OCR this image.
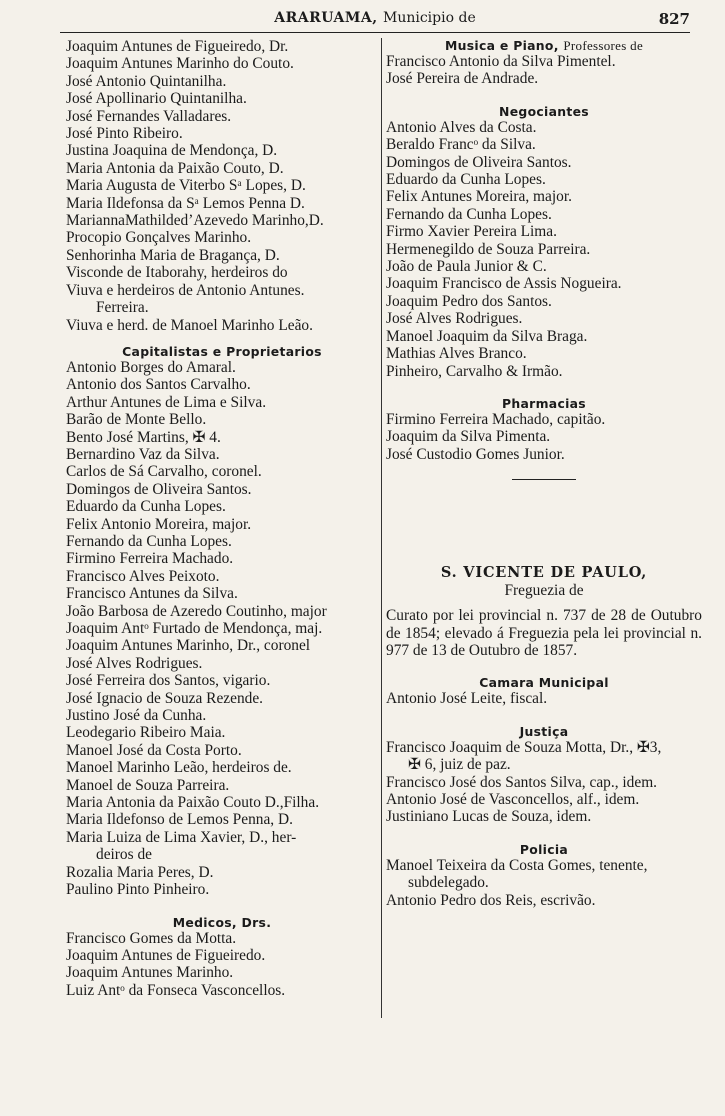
ARARUAMA, Municipio de	827
Joaquim Antunes de Figueiredo, Dr.
Joaquim Antunes Marinho do Couto.
José Antonio Quintanilha.
José Apollinario Quintanilha.
José Fernandes Valladares.
José Pinto Ribeiro.
Justina Joaquina de Mendonça, D.
Maria Antonia da Paixão Couto, D.
Maria Augusta de Viterbo Sᵃ Lopes, D.
Maria Ildefonsa da Sᵃ Lemos Penna D.
MariannaMathildedʼAzevedo Marinho,D.
Procopio Gonçalves Marinho.
Senhorinha Maria de Bragança, D.
Visconde de Itaborahy, herdeiros do
Viuva e herdeiros de Antonio Antunes.
Ferreira.
Viuva e herd. de Manoel Marinho Leão.
Capitalistas e Proprietarios
Antonio Borges do Amaral.
Antonio dos Santos Carvalho.
Arthur Antunes de Lima e Silva.
Barão de Monte Bello.
Bento José Martins, ✠ 4.
Bernardino Vaz da Silva.
Carlos de Sá Carvalho, coronel.
Domingos de Oliveira Santos.
Eduardo da Cunha Lopes.
Felix Antonio Moreira, major.
Fernando da Cunha Lopes.
Firmino Ferreira Machado.
Francisco Alves Peixoto.
Francisco Antunes da Silva.
João Barbosa de Azeredo Coutinho, major
Joaquim Antᵒ Furtado de Mendonça, maj.
Joaquim Antunes Marinho, Dr., coronel
José Alves Rodrigues.
José Ferreira dos Santos, vigario.
José Ignacio de Souza Rezende.
Justino José da Cunha.
Leodegario Ribeiro Maia.
Manoel José da Costa Porto.
Manoel Marinho Leão, herdeiros de.
Manoel de Souza Parreira.
Maria Antonia da Paixão Couto D.,Filha.
Maria Ildefonso de Lemos Penna, D.
Maria Luiza de Lima Xavier, D., her-
deiros de
Rozalia Maria Peres, D.
Paulino Pinto Pinheiro.
Medicos, Drs.
Francisco Gomes da Motta.
Joaquim Antunes de Figueiredo.
Joaquim Antunes Marinho.
Luiz Antᵒ da Fonseca Vasconcellos.
Musica e Piano, Professores de
Francisco Antonio da Silva Pimentel.
José Pereira de Andrade.
Negociantes
Antonio Alves da Costa.
Beraldo Francᵒ da Silva.
Domingos de Oliveira Santos.
Eduardo da Cunha Lopes.
Felix Antunes Moreira, major.
Fernando da Cunha Lopes.
Firmo Xavier Pereira Lima.
Hermenegildo de Souza Parreira.
João de Paula Junior & C.
Joaquim Francisco de Assis Nogueira.
Joaquim Pedro dos Santos.
José Alves Rodrigues.
Manoel Joaquim da Silva Braga.
Mathias Alves Branco.
Pinheiro, Carvalho & Irmão.
Pharmacias
Firmino Ferreira Machado, capitão.
Joaquim da Silva Pimenta.
José Custodio Gomes Junior.
S. VICENTE DE PAULO,
Freguezia de
Curato por lei provincial n. 737 de 28 de Outubro de 1854; elevado á Freguezia pela lei provincial n. 977 de 13 de Outubro de 1857.
Camara Municipal
Antonio José Leite, fiscal.
Justiça
Francisco Joaquim de Souza Motta, Dr., ✠3,
✠ 6, juiz de paz.
Francisco José dos Santos Silva, cap., idem.
Antonio José de Vasconcellos, alf., idem.
Justiniano Lucas de Souza, idem.
Policia
Manoel Teixeira da Costa Gomes, tenente,
subdelegado.
Antonio Pedro dos Reis, escrivão.
